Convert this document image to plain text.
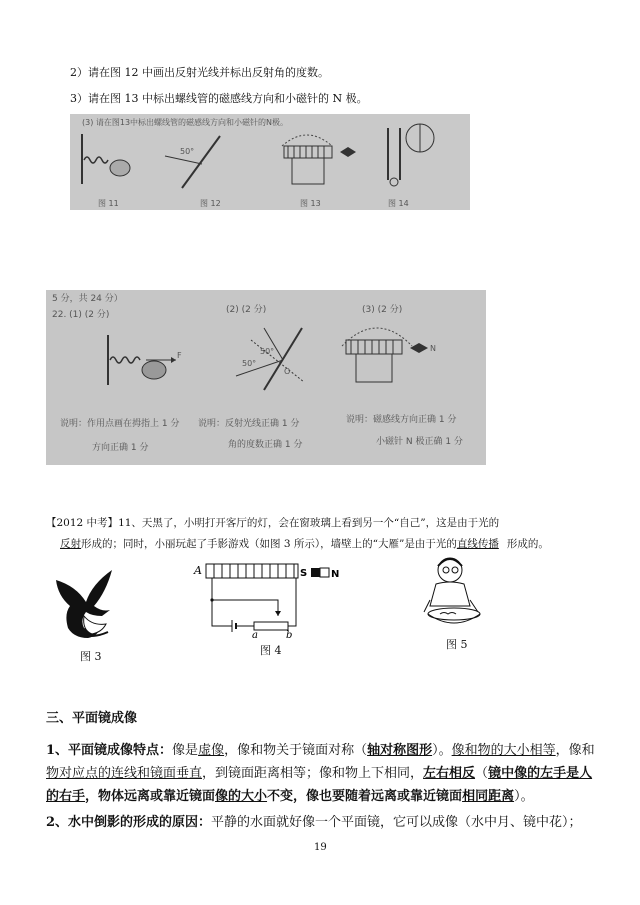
2）请在图 12 中画出反射光线并标出反射角的度数。
3）请在图 13 中标出螺线管的磁感线方向和小磁针的 N 极。
(3) 请在图13中标出螺线管的磁感线方向和小磁针的N极。
50°
图 11	图 12	图 13	图 14
5 分，共 24 分）
22. (1) (2 分)	(2) (2 分)	(3) (2 分)
F	50°
50°
O
N
说明：作用点画在拇指上 1 分
方向正确 1 分
说明：反射光线正确 1 分
角的度数正确 1 分
说明：磁感线方向正确 1 分
小磁针 N 极正确 1 分
【2012 中考】11、天黑了，小明打开客厅的灯，会在窗玻璃上看到另一个“自己”，这是由于光的
反射形成的；同时，小丽玩起了手影游戏（如图 3 所示），墙壁上的“大雁”是由于光的直线传播 形成的。
图 3
A	S N
a	b
图 4	图 5
三、平面镜成像
1、平面镜成像特点：像是虚像，像和物关于镜面对称（轴对称图形）。像和物的大小相等，像和
物对应点的连线和镜面垂直，到镜面距离相等；像和物上下相同，左右相反（镜中像的左手是人
的右手，物体远离或靠近镜面像的大小不变，像也要随着远离或靠近镜面相同距离）。
2、水中倒影的形成的原因：平静的水面就好像一个平面镜，它可以成像（水中月、镜中花）；
19
